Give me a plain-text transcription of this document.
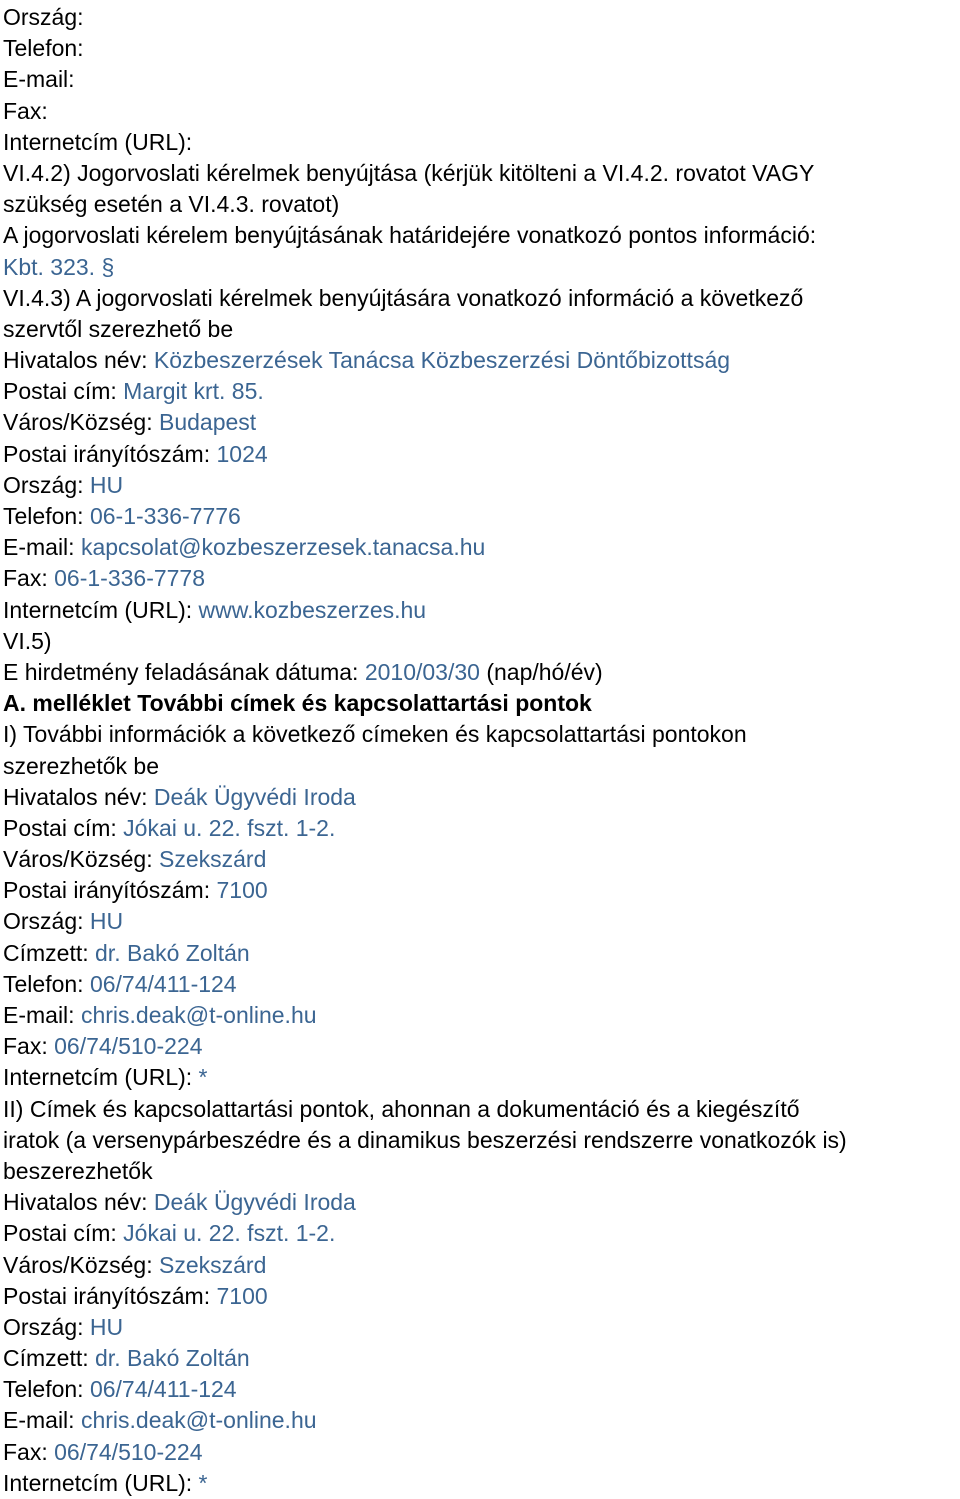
Ország:
Telefon:
E-mail:
Fax:
Internetcím (URL):
VI.4.2) Jogorvoslati kérelmek benyújtása (kérjük kitölteni a VI.4.2. rovatot VAGY
szükség esetén a VI.4.3. rovatot)
A jogorvoslati kérelem benyújtásának határidejére vonatkozó pontos információ:
Kbt. 323. §
VI.4.3) A jogorvoslati kérelmek benyújtására vonatkozó információ a következő
szervtől szerezhető be
Hivatalos név: Közbeszerzések Tanácsa Közbeszerzési Döntőbizottság
Postai cím: Margit krt. 85.
Város/Község: Budapest
Postai irányítószám: 1024
Ország: HU
Telefon: 06-1-336-7776
E-mail: kapcsolat@kozbeszerzesek.tanacsa.hu
Fax: 06-1-336-7778
Internetcím (URL): www.kozbeszerzes.hu
VI.5)
E hirdetmény feladásának dátuma: 2010/03/30 (nap/hó/év)
A. melléklet További címek és kapcsolattartási pontok
I) További információk a következő címeken és kapcsolattartási pontokon
szerezhetők be
Hivatalos név: Deák Ügyvédi Iroda
Postai cím: Jókai u. 22. fszt. 1-2.
Város/Község: Szekszárd
Postai irányítószám: 7100
Ország: HU
Címzett: dr. Bakó Zoltán
Telefon: 06/74/411-124
E-mail: chris.deak@t-online.hu
Fax: 06/74/510-224
Internetcím (URL): *
II) Címek és kapcsolattartási pontok, ahonnan a dokumentáció és a kiegészítő
iratok (a versenypárbeszédre és a dinamikus beszerzési rendszerre vonatkozók is)
beszerezhetők
Hivatalos név: Deák Ügyvédi Iroda
Postai cím: Jókai u. 22. fszt. 1-2.
Város/Község: Szekszárd
Postai irányítószám: 7100
Ország: HU
Címzett: dr. Bakó Zoltán
Telefon: 06/74/411-124
E-mail: chris.deak@t-online.hu
Fax: 06/74/510-224
Internetcím (URL): *
